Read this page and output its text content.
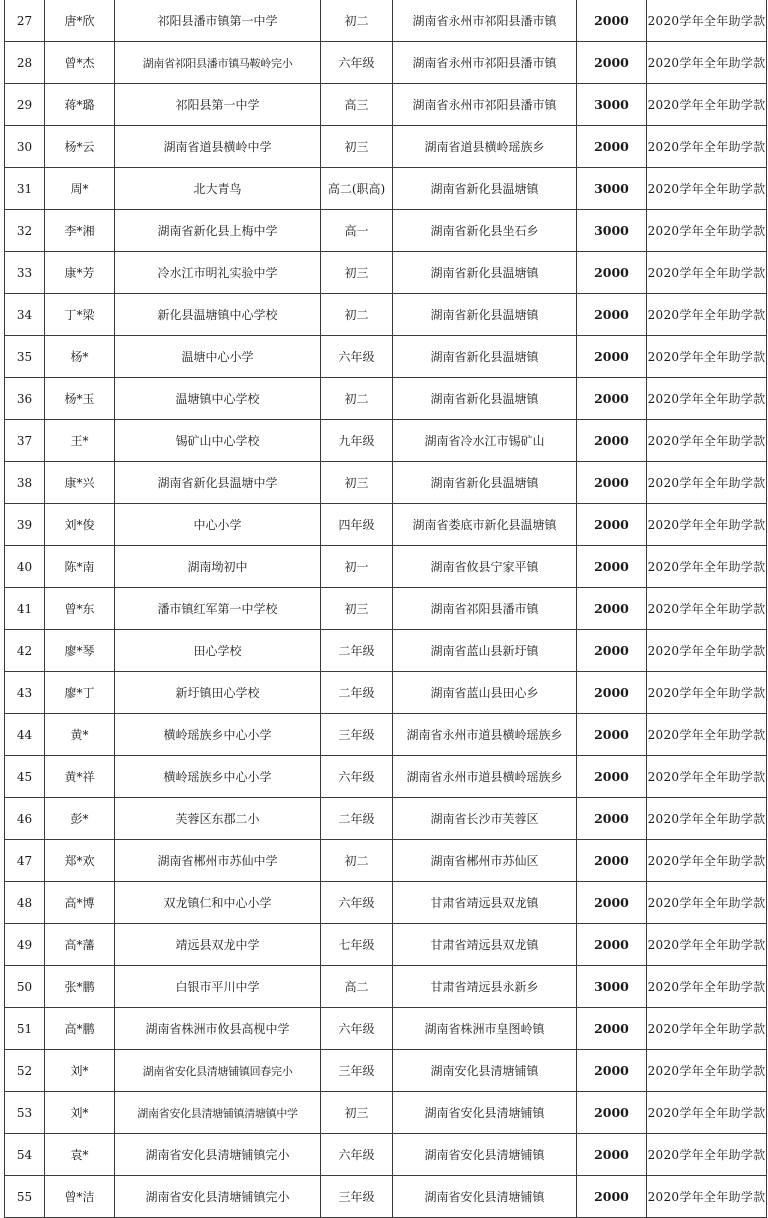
27	唐*欣	祁阳县潘市镇第一中学	初二	湖南省永州市祁阳县潘市镇	2000	2020学年全年助学款
28	曾*杰	湖南省祁阳县潘市镇马鞍岭完小	六年级	湖南省永州市祁阳县潘市镇	2000	2020学年全年助学款
29	蒋*璐	祁阳县第一中学	高三	湖南省永州市祁阳县潘市镇	3000	2020学年全年助学款
30	杨*云	湖南省道县横岭中学	初三	湖南省道县横岭瑶族乡	2000	2020学年全年助学款
31	周*	北大青鸟	高二(职高)	湖南省新化县温塘镇	3000	2020学年全年助学款
32	李*湘	湖南省新化县上梅中学	高一	湖南省新化县坐石乡	3000	2020学年全年助学款
33	康*芳	冷水江市明礼实验中学	初三	湖南省新化县温塘镇	2000	2020学年全年助学款
34	丁*梁	新化县温塘镇中心学校	初二	湖南省新化县温塘镇	2000	2020学年全年助学款
35	杨*	温塘中心小学	六年级	湖南省新化县温塘镇	2000	2020学年全年助学款
36	杨*玉	温塘镇中心学校	初二	湖南省新化县温塘镇	2000	2020学年全年助学款
37	王*	锡矿山中心学校	九年级	湖南省冷水江市锡矿山	2000	2020学年全年助学款
38	康*兴	湖南省新化县温塘中学	初三	湖南省新化县温塘镇	2000	2020学年全年助学款
39	刘*俊	中心小学	四年级	湖南省娄底市新化县温塘镇	2000	2020学年全年助学款
40	陈*南	湖南坳初中	初一	湖南省攸县宁家平镇	2000	2020学年全年助学款
41	曾*东	潘市镇红军第一中学校	初三	湖南省祁阳县潘市镇	2000	2020学年全年助学款
42	廖*琴	田心学校	二年级	湖南省蓝山县新圩镇	2000	2020学年全年助学款
43	廖*丁	新圩镇田心学校	二年级	湖南省蓝山县田心乡	2000	2020学年全年助学款
44	黄*	横岭瑶族乡中心小学	三年级	湖南省永州市道县横岭瑶族乡	2000	2020学年全年助学款
45	黄*祥	横岭瑶族乡中心小学	六年级	湖南省永州市道县横岭瑶族乡	2000	2020学年全年助学款
46	彭*	芙蓉区东郡二小	二年级	湖南省长沙市芙蓉区	2000	2020学年全年助学款
47	郑*欢	湖南省郴州市苏仙中学	初二	湖南省郴州市苏仙区	2000	2020学年全年助学款
48	高*博	双龙镇仁和中心小学	六年级	甘肃省靖远县双龙镇	2000	2020学年全年助学款
49	高*藩	靖远县双龙中学	七年级	甘肃省靖远县双龙镇	2000	2020学年全年助学款
50	张*鹏	白银市平川中学	高二	甘肃省靖远县永新乡	3000	2020学年全年助学款
51	高*鹏	湖南省株洲市攸县高枧中学	六年级	湖南省株洲市皇图岭镇	2000	2020学年全年助学款
52	刘*	湖南省安化县清塘铺镇回春完小	三年级	湖南安化县清塘铺镇	2000	2020学年全年助学款
53	刘*	湖南省安化县清塘铺镇清塘镇中学	初三	湖南省安化县清塘铺镇	2000	2020学年全年助学款
54	袁*	湖南省安化县清塘铺镇完小	六年级	湖南省安化县清塘铺镇	2000	2020学年全年助学款
55	曾*洁	湖南省安化县清塘铺镇完小	三年级	湖南省安化县清塘铺镇	2000	2020学年全年助学款
